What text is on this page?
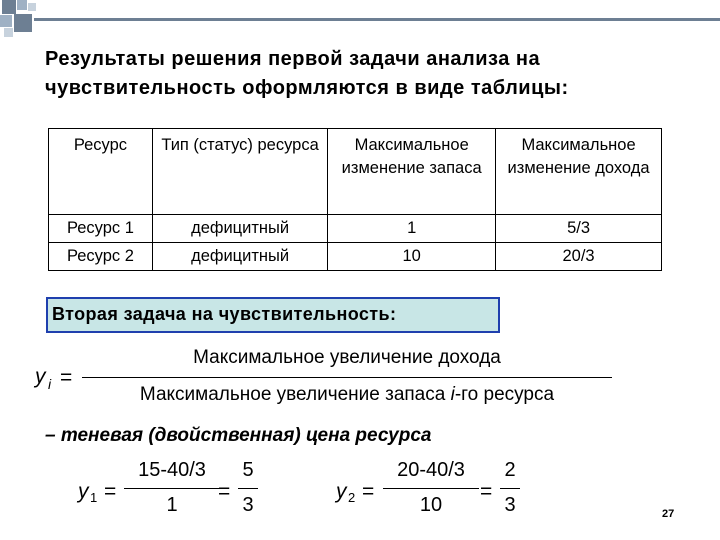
Результаты решения первой задачи анализа на чувствительность оформляются в виде таблицы:
Ресурс	Тип (статус) ресурса	Максимальное изменение запаса	Максимальное изменение дохода
Ресурс 1	дефицитный	1	5/3
Ресурс 2	дефицитный	10	20/3
Вторая задача на чувствительность:
y i =
Максимальное увеличение дохода
Максимальное увеличение запаса i-го ресурса
– теневая (двойственная) цена ресурса
y 1 =
15-40/3
1
=
5
3
y 2 =
20-40/3
10
=
2
3	27
